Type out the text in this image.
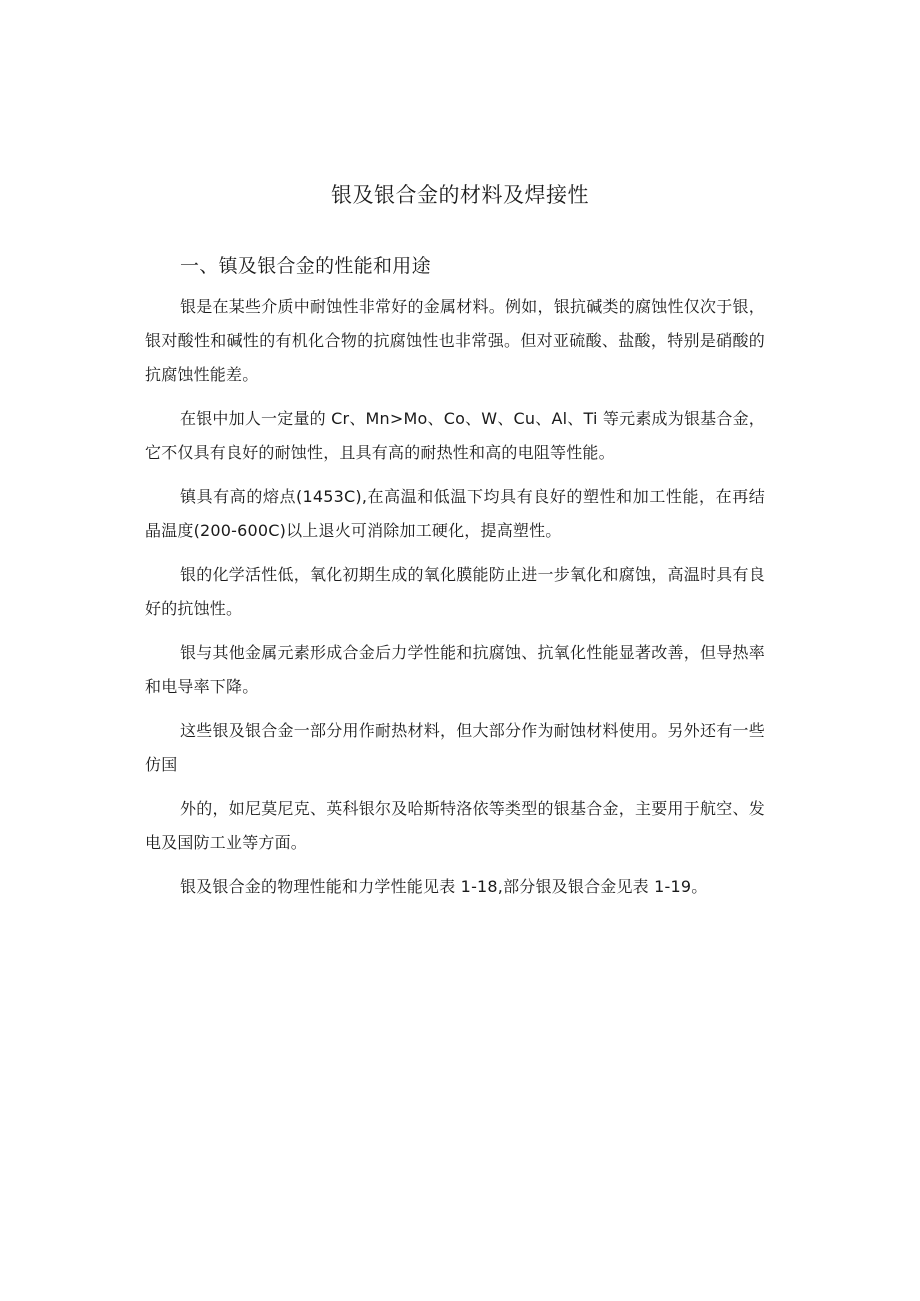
银及银合金的材料及焊接性
一、镇及银合金的性能和用途

银是在某些介质中耐蚀性非常好的金属材料。例如，银抗碱类的腐蚀性仅次于银，银对酸性和碱性的有机化合物的抗腐蚀性也非常强。但对亚硫酸、盐酸，特别是硝酸的抗腐蚀性能差。

在银中加人一定量的 Cr、Mn>Mo、Co、W、Cu、Al、Ti 等元素成为银基合金，它不仅具有良好的耐蚀性，且具有高的耐热性和高的电阻等性能。

镇具有高的熔点(1453C),在高温和低温下均具有良好的塑性和加工性能，在再结晶温度(200-600C)以上退火可消除加工硬化，提高塑性。

银的化学活性低，氧化初期生成的氧化膜能防止进一步氧化和腐蚀，高温时具有良好的抗蚀性。

银与其他金属元素形成合金后力学性能和抗腐蚀、抗氧化性能显著改善，但导热率和电导率下降。

这些银及银合金一部分用作耐热材料，但大部分作为耐蚀材料使用。另外还有一些仿国

外的，如尼莫尼克、英科银尔及哈斯特洛依等类型的银基合金，主要用于航空、发电及国防工业等方面。

银及银合金的物理性能和力学性能见表 1-18,部分银及银合金见表 1-19。
